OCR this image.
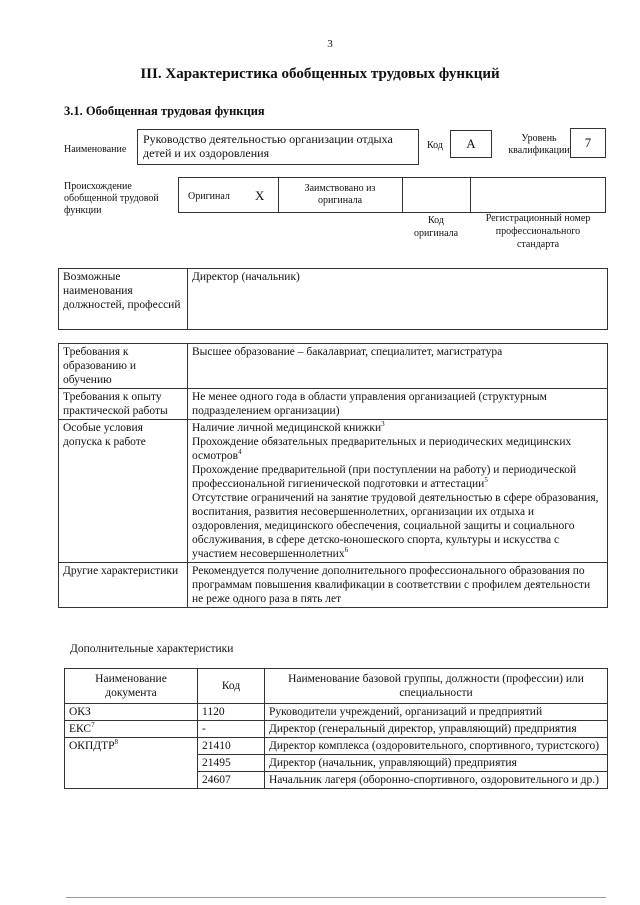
3
III. Характеристика обобщенных трудовых функций
3.1. Обобщенная трудовая функция
Наименование
Руководство деятельностью организации отдыха детей и их оздоровления
Код	А	Уровень квалификации
7
Происхождение обобщенной трудовой функции
Оригинал Х	Заимствовано из оригинала
Код оригинала
Регистрационный номер профессионального стандарта
Возможные наименования должностей, профессий	Директор (начальник)
Требования к образованию и обучению	Высшее образование – бакалавриат, специалитет, магистратура
Требования к опыту практической работы	Не менее одного года в области управления организацией (структурным подразделением организации)
Особые условия допуска к работе	Наличие личной медицинской книжки$^3$
Прохождение обязательных предварительных и периодических медицинских осмотров$^4$
Прохождение предварительной (при поступлении на работу) и периодической профессиональной гигиенической подготовки и аттестации$^5$
Отсутствие ограничений на занятие трудовой деятельностью в сфере образования, воспитания, развития несовершеннолетних, организации их отдыха и оздоровления, медицинского обеспечения, социальной защиты и социального обслуживания, в сфере детско-юношеского спорта, культуры и искусства с участием несовершеннолетних$^6$

Другие характеристики	Рекомендуется получение дополнительного профессионального образования по программам повышения квалификации в соответствии с профилем деятельности не реже одного раза в пять лет
Дополнительные характеристики
Наименование документа	Код	Наименование базовой группы, должности (профессии) или специальности
ОКЗ	1120	Руководители учреждений, организаций и предприятий
ЕКС$^7$	-	Директор (генеральный директор, управляющий) предприятия
ОКПДТР$^8$	21410	Директор комплекса (оздоровительного, спортивного, туристского)
	21495	Директор (начальник, управляющий) предприятия
	24607	Начальник лагеря (оборонно-спортивного, оздоровительного и др.)
